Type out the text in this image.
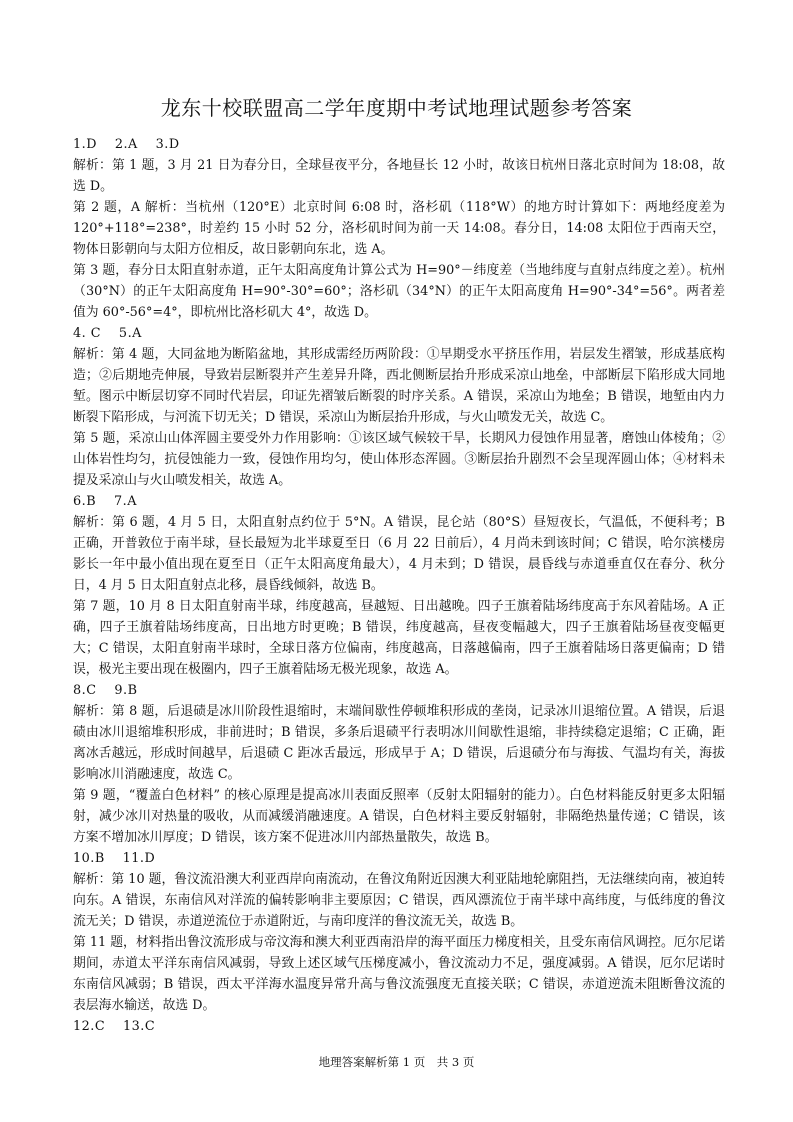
龙东十校联盟高二学年度期中考试地理试题参考答案

1.D　 2.A　 3.D

解析：第 1 题，3 月 21 日为春分日，全球昼夜平分，各地昼长 12 小时，故该日杭州日落北京时间为 18:08，故选 D。

第 2 题，A 解析：当杭州（120°E）北京时间 6:08 时，洛杉矶（118°W）的地方时计算如下：两地经度差为 120°+118°=238°，时差约 15 小时 52 分，洛杉矶时间为前一天 14:08。春分日，14:08 太阳位于西南天空，物体日影朝向与太阳方位相反，故日影朝向东北，选 A。

第 3 题，春分日太阳直射赤道，正午太阳高度角计算公式为 H=90°－纬度差（当地纬度与直射点纬度之差）。杭州（30°N）的正午太阳高度角 H=90°-30°=60°；洛杉矶（34°N）的正午太阳高度角 H=90°-34°=56°。两者差值为 60°-56°=4°，即杭州比洛杉矶大 4°，故选 D。

4. C　 5.A

解析：第 4 题，大同盆地为断陷盆地，其形成需经历两阶段：①早期受水平挤压作用，岩层发生褶皱，形成基底构造；②后期地壳伸展，导致岩层断裂并产生差异升降，西北侧断层抬升形成采凉山地垒，中部断层下陷形成大同地堑。图示中断层切穿不同时代岩层，印证先褶皱后断裂的时序关系。A 错误，采凉山为地垒；B 错误，地堑由内力断裂下陷形成，与河流下切无关；D 错误，采凉山为断层抬升形成，与火山喷发无关，故选 C。

第 5 题，采凉山山体浑圆主要受外力作用影响：①该区域气候较干旱，长期风力侵蚀作用显著，磨蚀山体棱角；②山体岩性均匀，抗侵蚀能力一致，侵蚀作用均匀，使山体形态浑圆。③断层抬升剧烈不会呈现浑圆山体；④材料未提及采凉山与火山喷发相关，故选 A。

6.B　 7.A

解析：第 6 题，4 月 5 日，太阳直射点约位于 5°N。A 错误，昆仑站（80°S）昼短夜长，气温低，不便科考；B 正确，开普敦位于南半球，昼长最短为北半球夏至日（6 月 22 日前后），4 月尚未到该时间；C 错误，哈尔滨楼房影长一年中最小值出现在夏至日（正午太阳高度角最大），4 月未到；D 错误，晨昏线与赤道垂直仅在春分、秋分日，4 月 5 日太阳直射点北移，晨昏线倾斜，故选 B。

第 7 题，10 月 8 日太阳直射南半球，纬度越高，昼越短、日出越晚。四子王旗着陆场纬度高于东风着陆场。A 正确，四子王旗着陆场纬度高，日出地方时更晚；B 错误，纬度越高，昼夜变幅越大，四子王旗着陆场昼夜变幅更大；C 错误，太阳直射南半球时，全球日落方位偏南，纬度越高，日落越偏南，四子王旗着陆场日落更偏南；D 错误，极光主要出现在极圈内，四子王旗着陆场无极光现象，故选 A。

8.C　 9.B

解析：第 8 题，后退碛是冰川阶段性退缩时，末端间歇性停顿堆积形成的垄岗，记录冰川退缩位置。A 错误，后退碛由冰川退缩堆积形成，非前进时；B 错误，多条后退碛平行表明冰川间歇性退缩，非持续稳定退缩；C 正确，距离冰舌越远，形成时间越早，后退碛 C 距冰舌最远，形成早于 A；D 错误，后退碛分布与海拔、气温均有关，海拔影响冰川消融速度，故选 C。

第 9 题，“覆盖白色材料” 的核心原理是提高冰川表面反照率（反射太阳辐射的能力）。白色材料能反射更多太阳辐射，减少冰川对热量的吸收，从而减缓消融速度。A 错误，白色材料主要反射辐射，非隔绝热量传递；C 错误，该方案不增加冰川厚度；D 错误，该方案不促进冰川内部热量散失，故选 B。

10.B　 11.D

解析：第 10 题，鲁汶流沿澳大利亚西岸向南流动，在鲁汶角附近因澳大利亚陆地轮廓阻挡，无法继续向南，被迫转向东。A 错误，东南信风对洋流的偏转影响非主要原因；C 错误，西风漂流位于南半球中高纬度，与低纬度的鲁汶流无关；D 错误，赤道逆流位于赤道附近，与南印度洋的鲁汶流无关，故选 B。

第 11 题，材料指出鲁汶流形成与帝汶海和澳大利亚西南沿岸的海平面压力梯度相关，且受东南信风调控。厄尔尼诺期间，赤道太平洋东南信风减弱，导致上述区域气压梯度减小，鲁汶流动力不足，强度减弱。A 错误，厄尔尼诺时东南信风减弱；B 错误，西太平洋海水温度异常升高与鲁汶流强度无直接关联；C 错误，赤道逆流未阻断鲁汶流的表层海水输送，故选 D。

12.C　 13.C

地理答案解析第 1 页　共 3 页
